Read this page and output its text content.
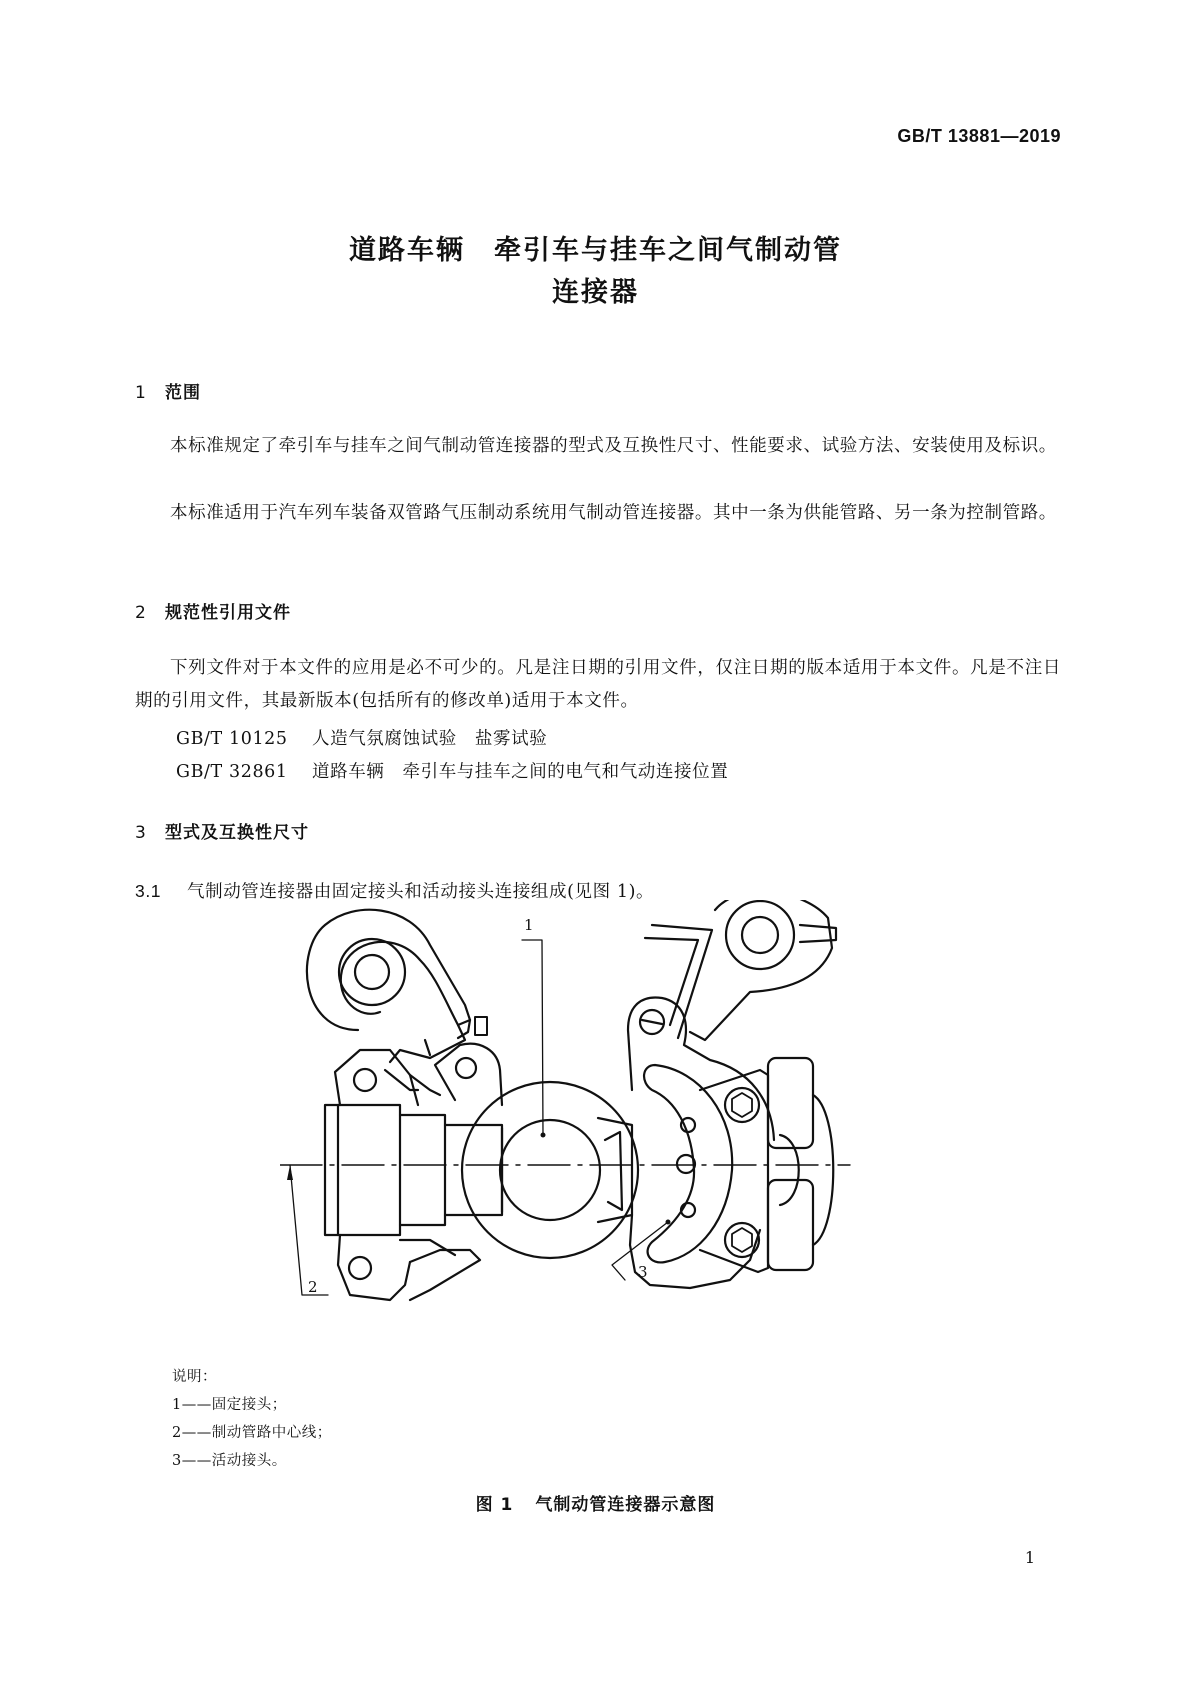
GB/T 13881—2019
道路车辆　牵引车与挂车之间气制动管
连接器
1 范围
本标准规定了牵引车与挂车之间气制动管连接器的型式及互换性尺寸、性能要求、试验方法、安装使用及标识。
本标准适用于汽车列车装备双管路气压制动系统用气制动管连接器。其中一条为供能管路、另一条为控制管路。
2 规范性引用文件
下列文件对于本文件的应用是必不可少的。凡是注日期的引用文件，仅注日期的版本适用于本文件。凡是不注日期的引用文件，其最新版本(包括所有的修改单)适用于本文件。
GB/T 10125 人造气氛腐蚀试验　盐雾试验
GB/T 32861 道路车辆　牵引车与挂车之间的电气和气动连接位置
3 型式及互换性尺寸
3.1 气制动管连接器由固定接头和活动接头连接组成(见图 1)。
1
2
3
说明：
1——固定接头；
2——制动管路中心线；
3——活动接头。
图 1 气制动管连接器示意图
1
